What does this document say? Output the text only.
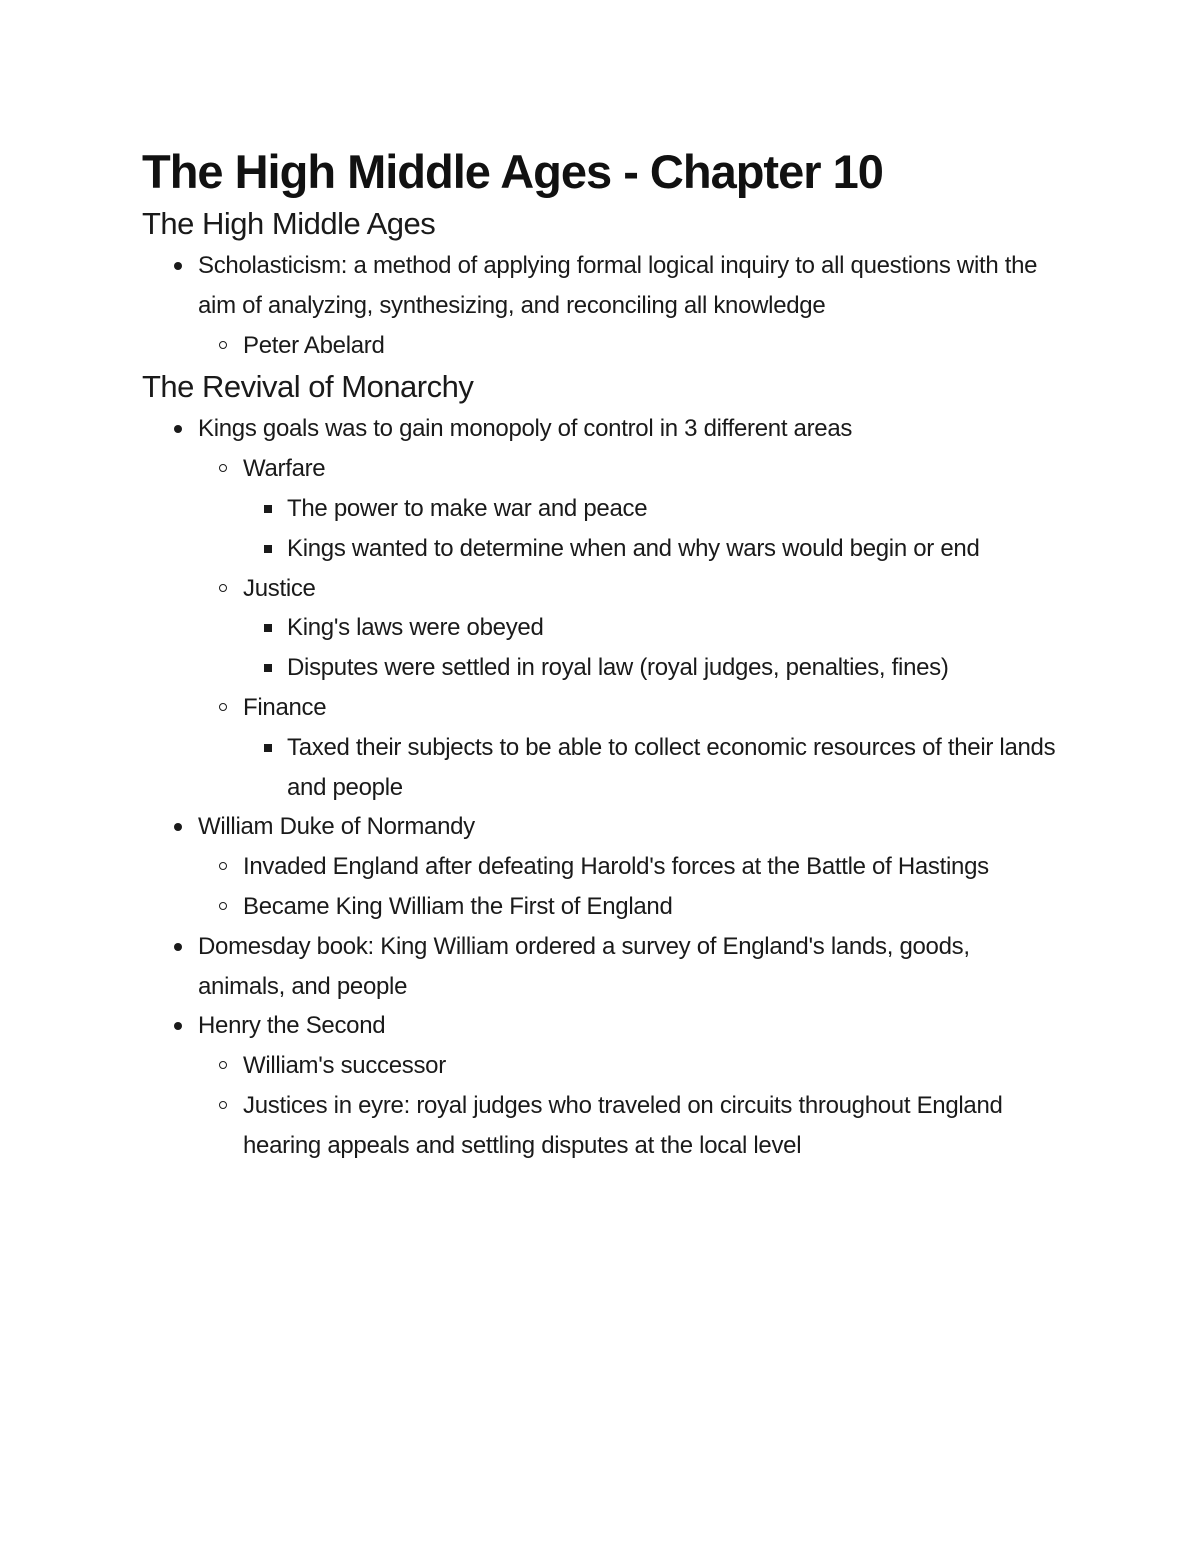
The High Middle Ages - Chapter 10
The High Middle Ages
Scholasticism: a method of applying formal logical inquiry to all questions with the aim of analyzing, synthesizing, and reconciling all knowledge
Peter Abelard
The Revival of Monarchy
Kings goals was to gain monopoly of control in 3 different areas
Warfare
The power to make war and peace
Kings wanted to determine when and why wars would begin or end
Justice
King's laws were obeyed
Disputes were settled in royal law (royal judges, penalties, fines)
Finance
Taxed their subjects to be able to collect economic resources of their lands and people
William Duke of Normandy
Invaded England after defeating Harold's forces at the Battle of Hastings
Became King William the First of England
Domesday book: King William ordered a survey of England's lands, goods, animals, and people
Henry the Second
William's successor
Justices in eyre: royal judges who traveled on circuits throughout England hearing appeals and settling disputes at the local level
